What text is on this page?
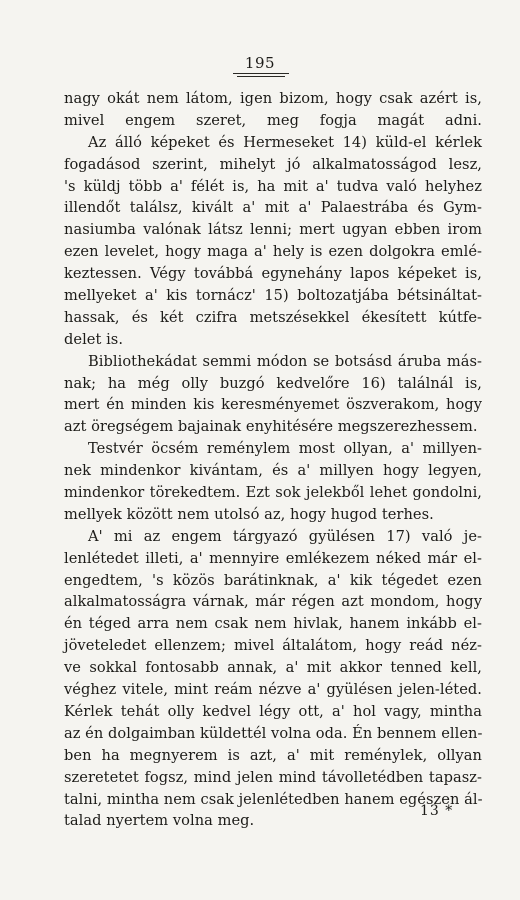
195
nagy okát nem látom, igen bizom, hogy csak azért is,
mivel engem szeret, meg fogja magát adni.
Az álló képeket és Hermeseket 14) küld-el kérlek
fogadásod szerint, mihelyt jó alkalmatosságod lesz,
's küldj több a' félét is, ha mit a' tudva való helyhez
illendőt találsz, kivált a' mit a' Palaestrába és Gym-
nasiumba valónak látsz lenni; mert ugyan ebben irom
ezen levelet, hogy maga a' hely is ezen dolgokra emlé-
keztessen. Végy továbbá egynehány lapos képeket is,
mellyeket a' kis tornácz' 15) boltozatjába bétsináltat-
hassak, és két czifra metszésekkel ékesített kútfe-
delet is.
Bibliothekádat semmi módon se botsásd áruba más-
nak; ha még olly buzgó kedvelőre 16) találnál is,
mert én minden kis keresményemet öszverakom, hogy
azt öregségem bajainak enyhitésére megszerezhessem.
Testvér öcsém reménylem most ollyan, a' millyen-
nek mindenkor kivántam, és a' millyen hogy legyen,
mindenkor törekedtem. Ezt sok jelekből lehet gondolni,
mellyek között nem utolsó az, hogy hugod terhes.
A' mi az engem tárgyazó gyülésen 17) való je-
lenlétedet illeti, a' mennyire emlékezem néked már el-
engedtem, 's közös barátinknak, a' kik tégedet ezen
alkalmatosságra várnak, már régen azt mondom, hogy
én téged arra nem csak nem hivlak, hanem inkább el-
jöveteledet ellenzem; mivel általátom, hogy reád néz-
ve sokkal fontosabb annak, a' mit akkor tenned kell,
véghez vitele, mint reám nézve a' gyülésen jelen-léted.
Kérlek tehát olly kedvel légy ott, a' hol vagy, mintha
az én dolgaimban küldettél volna oda. Én bennem ellen-
ben ha megnyerem is azt, a' mit reménylek, ollyan
szeretetet fogsz, mind jelen mind távolletédben tapasz-
talni, mintha nem csak jelenlétedben hanem egészen ál-
talad nyertem volna meg.
13 *
